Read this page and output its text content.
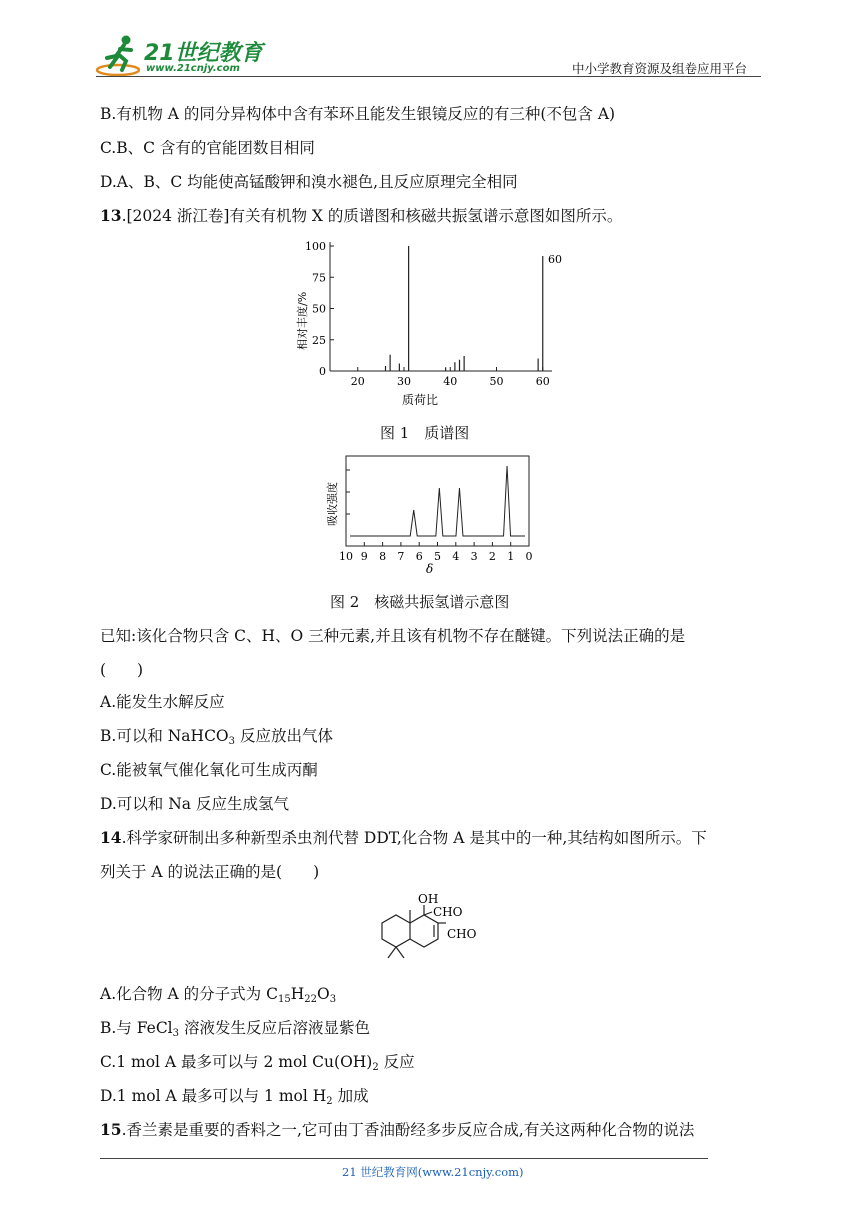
21世纪教育
www.21cnjy.com	中小学教育资源及组卷应用平台
B.有机物 A 的同分异构体中含有苯环且能发生银镜反应的有三种(不包含 A)
C.B、C 含有的官能团数目相同
D.A、B、C 均能使高锰酸钾和溴水褪色,且反应原理完全相同
13.[2024 浙江卷]有关有机物 X 的质谱图和核磁共振氢谱示意图如图所示。
0
25
50
75
100
20	30	40	50	60
60
质荷比
相对丰度/%
图 1　质谱图
10 9 8 7 6 5 4 3 2 1 0
δ
吸收强度
图 2　核磁共振氢谱示意图
已知:该化合物只含 C、H、O 三种元素,并且该有机物不存在醚键。下列说法正确的是
(　　)
A.能发生水解反应
B.可以和 NaHCO$_3$ 反应放出气体
C.能被氧气催化氧化可生成丙酮
D.可以和 Na 反应生成氢气
14.科学家研制出多种新型杀虫剂代替 DDT,化合物 A 是其中的一种,其结构如图所示。下
列关于 A 的说法正确的是(　　)
OH
CHO
CHO
A.化合物 A 的分子式为 $C_{15}H_{22}O_3$
B.与 FeCl$_3$ 溶液发生反应后溶液显紫色
C.1 mol A 最多可以与 2 mol $Cu(OH)_2$ 反应
D.1 mol A 最多可以与 1 mol $H_2$ 加成
15.香兰素是重要的香料之一,它可由丁香油酚经多步反应合成,有关这两种化合物的说法
21 世纪教育网(www.21cnjy.com)
